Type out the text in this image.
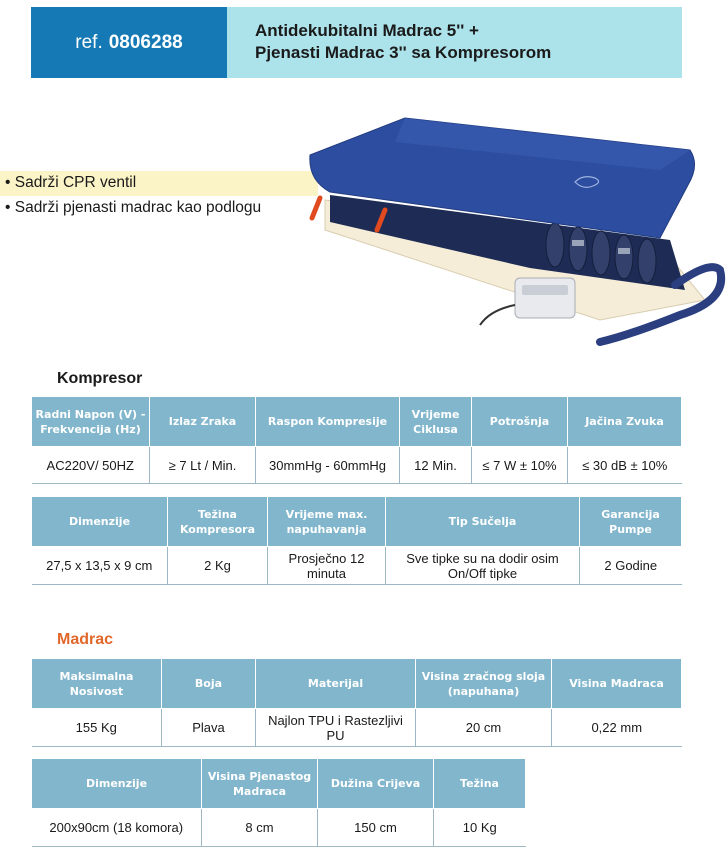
ref. 0806288
Antidekubitalni Madrac 5'' +
Pjenasti Madrac 3'' sa Kompresorom
• Sadrži CPR ventil
• Sadrži pjenasti madrac kao podlogu
Kompresor
Radni Napon (V) - Frekvencija (Hz)	Izlaz Zraka	Raspon Kompresije	Vrijeme Ciklusa	Potrošnja	Jačina Zvuka
AC220V/ 50HZ	≥ 7 Lt / Min.	30mmHg - 60mmHg	12 Min.	≤ 7 W ± 10%	≤ 30 dB ± 10%
Dimenzije	Težina Kompresora	Vrijeme max. napuhavanja	Tip Sučelja	Garancija Pumpe
27,5 x 13,5 x 9 cm	2 Kg	Prosječno 12 minuta	Sve tipke su na dodir osim On/Off tipke	2 Godine
Madrac
Maksimalna Nosivost	Boja	Materijal	Visina zračnog sloja (napuhana)	Visina Madraca
155 Kg	Plava	Najlon TPU i Rastezljivi PU	20 cm	0,22 mm
Dimenzije	Visina Pjenastog Madraca	Dužina Crijeva	Težina
200x90cm (18 komora)	8 cm	150 cm	10 Kg
